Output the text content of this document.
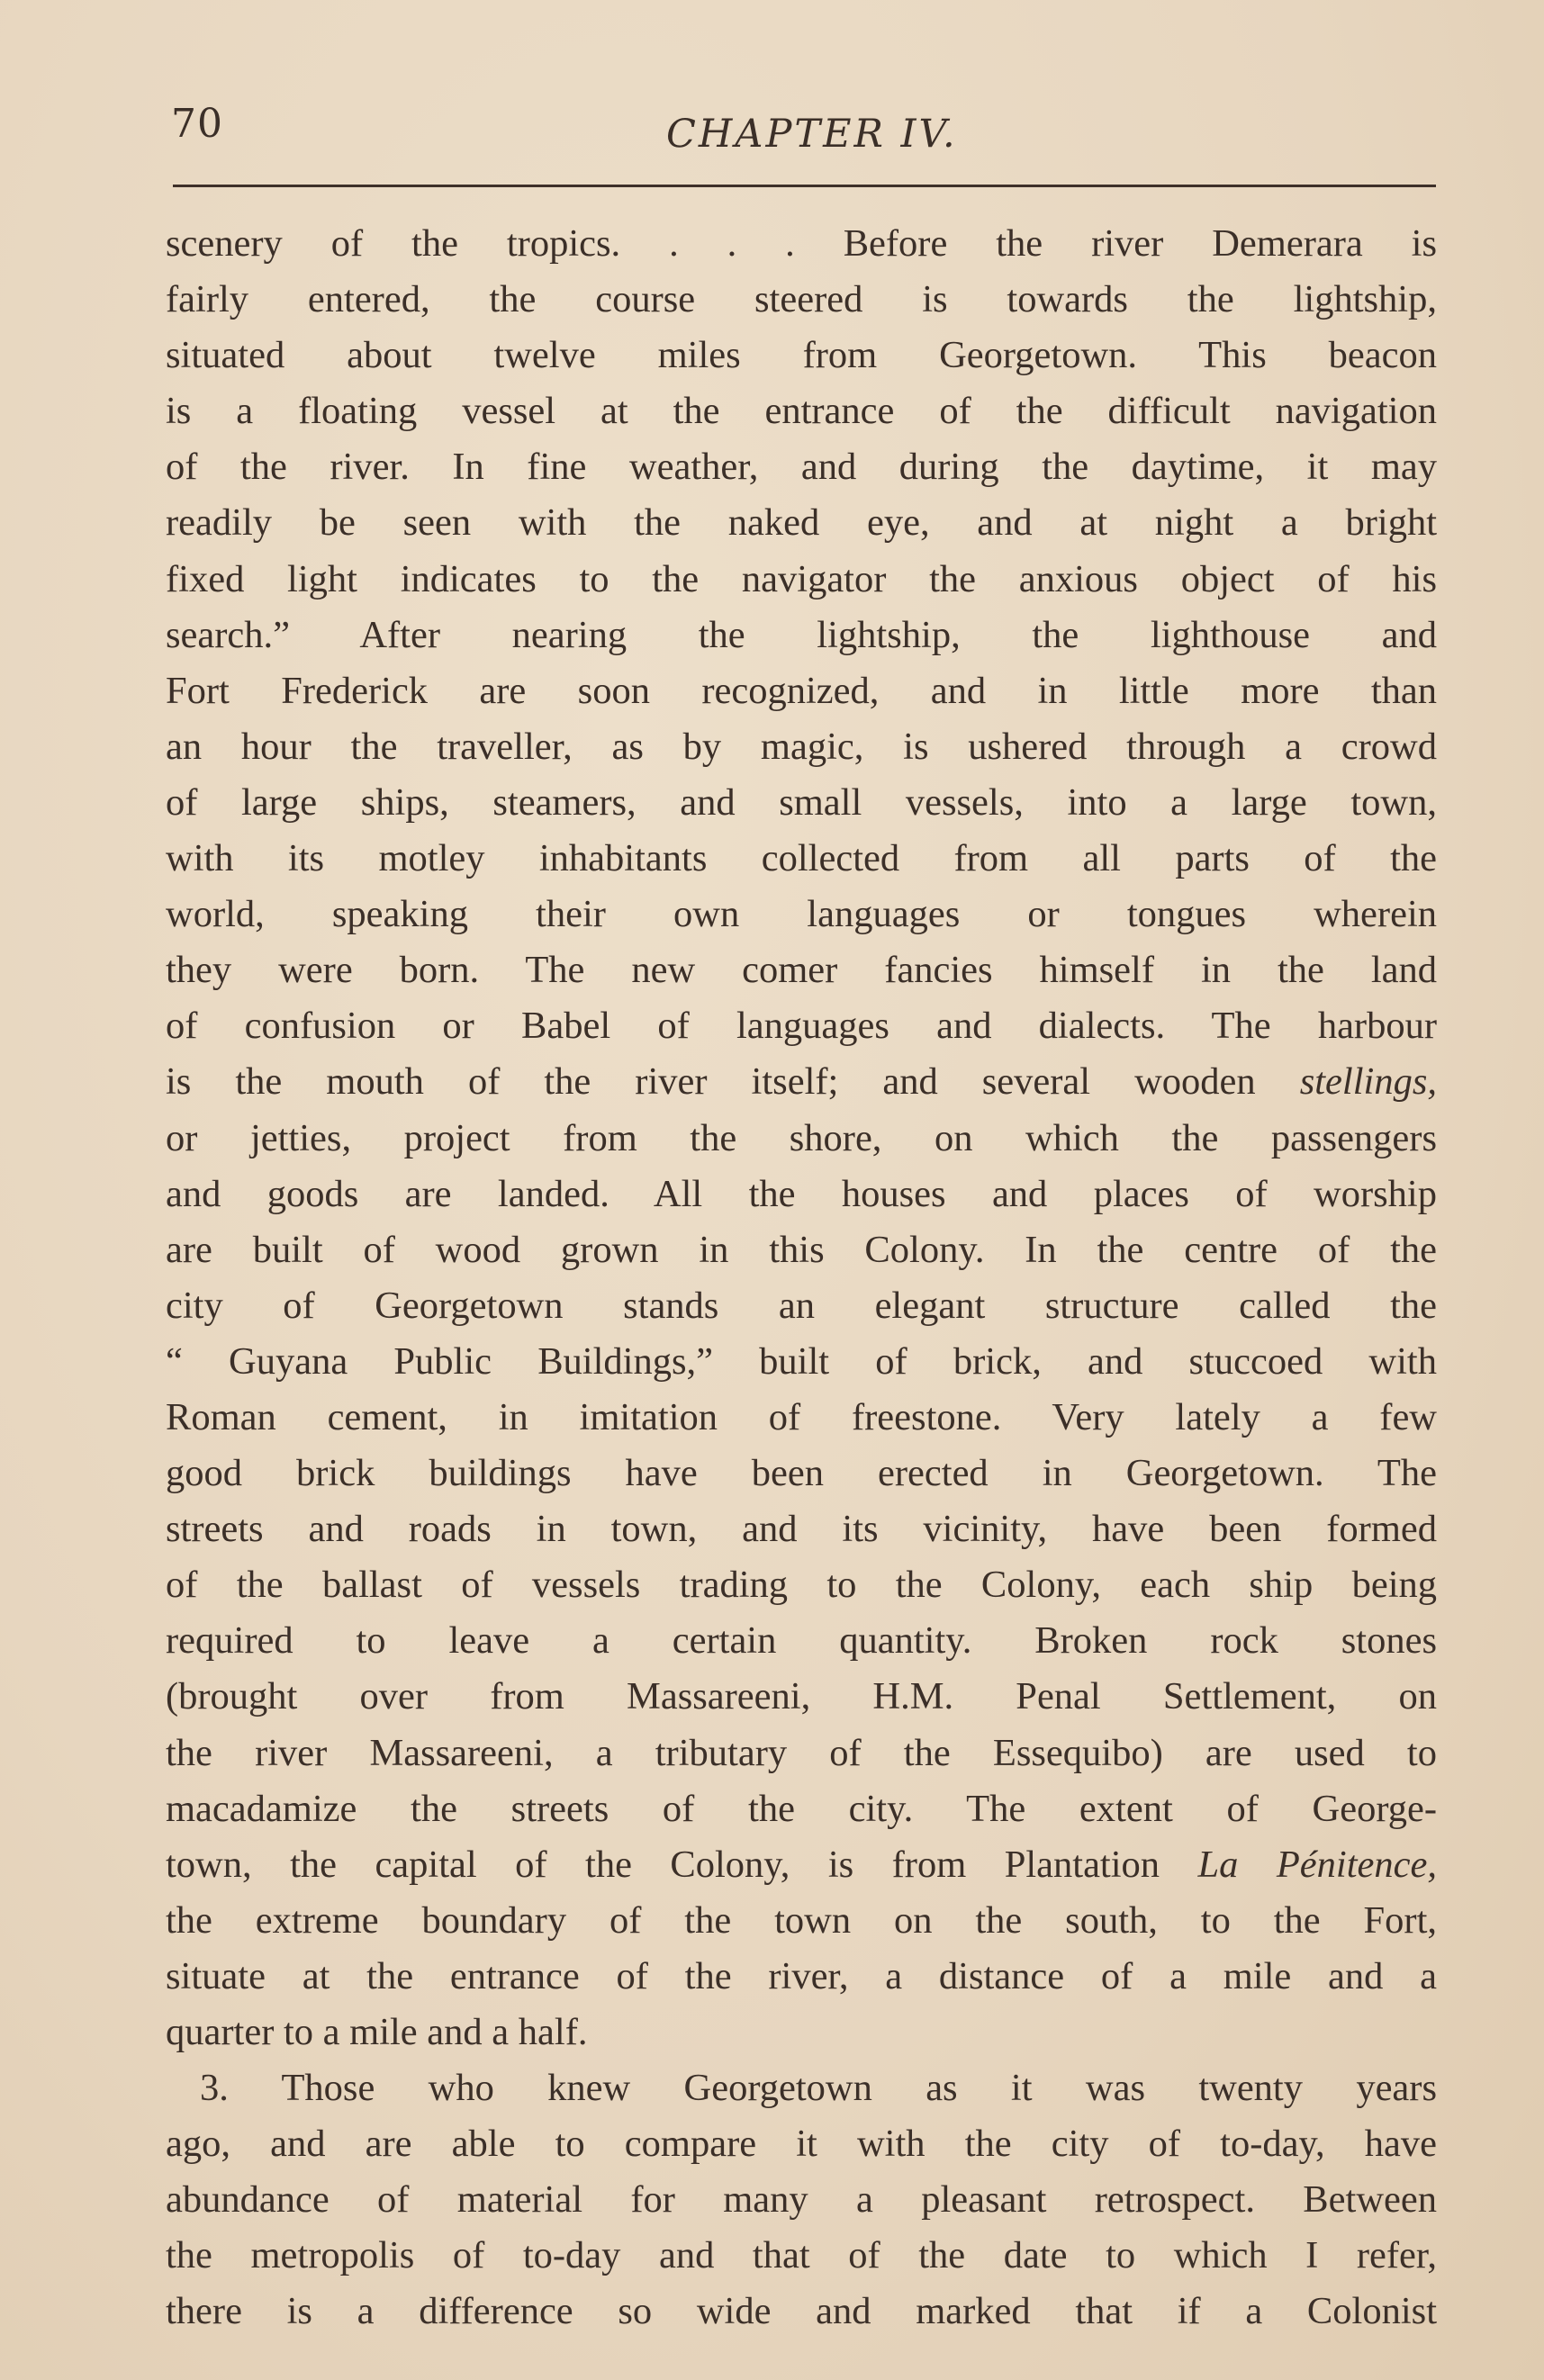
70	CHAPTER IV.
scenery of the tropics. . . . Before the river Demerara is
fairly entered, the course steered is towards the lightship,
situated about twelve miles from Georgetown. This beacon
is a floating vessel at the entrance of the difficult navigation
of the river. In fine weather, and during the daytime, it may
readily be seen with the naked eye, and at night a bright
fixed light indicates to the navigator the anxious object of his
search.” After nearing the lightship, the lighthouse and
Fort Frederick are soon recognized, and in little more than
an hour the traveller, as by magic, is ushered through a crowd
of large ships, steamers, and small vessels, into a large town,
with its motley inhabitants collected from all parts of the
world, speaking their own languages or tongues wherein
they were born. The new comer fancies himself in the land
of confusion or Babel of languages and dialects. The harbour
is the mouth of the river itself; and several wooden stellings,
or jetties, project from the shore, on which the passengers
and goods are landed. All the houses and places of worship
are built of wood grown in this Colony. In the centre of the
city of Georgetown stands an elegant structure called the
“ Guyana Public Buildings,” built of brick, and stuccoed with
Roman cement, in imitation of freestone. Very lately a few
good brick buildings have been erected in Georgetown. The
streets and roads in town, and its vicinity, have been formed
of the ballast of vessels trading to the Colony, each ship being
required to leave a certain quantity. Broken rock stones
(brought over from Massareeni, H.M. Penal Settlement, on
the river Massareeni, a tributary of the Essequibo) are used to
macadamize the streets of the city. The extent of George-
town, the capital of the Colony, is from Plantation La Pénitence,
the extreme boundary of the town on the south, to the Fort,
situate at the entrance of the river, a distance of a mile and a
quarter to a mile and a half.
3. Those who knew Georgetown as it was twenty years
ago, and are able to compare it with the city of to-day, have
abundance of material for many a pleasant retrospect. Between
the metropolis of to-day and that of the date to which I refer,
there is a difference so wide and marked that if a Colonist
